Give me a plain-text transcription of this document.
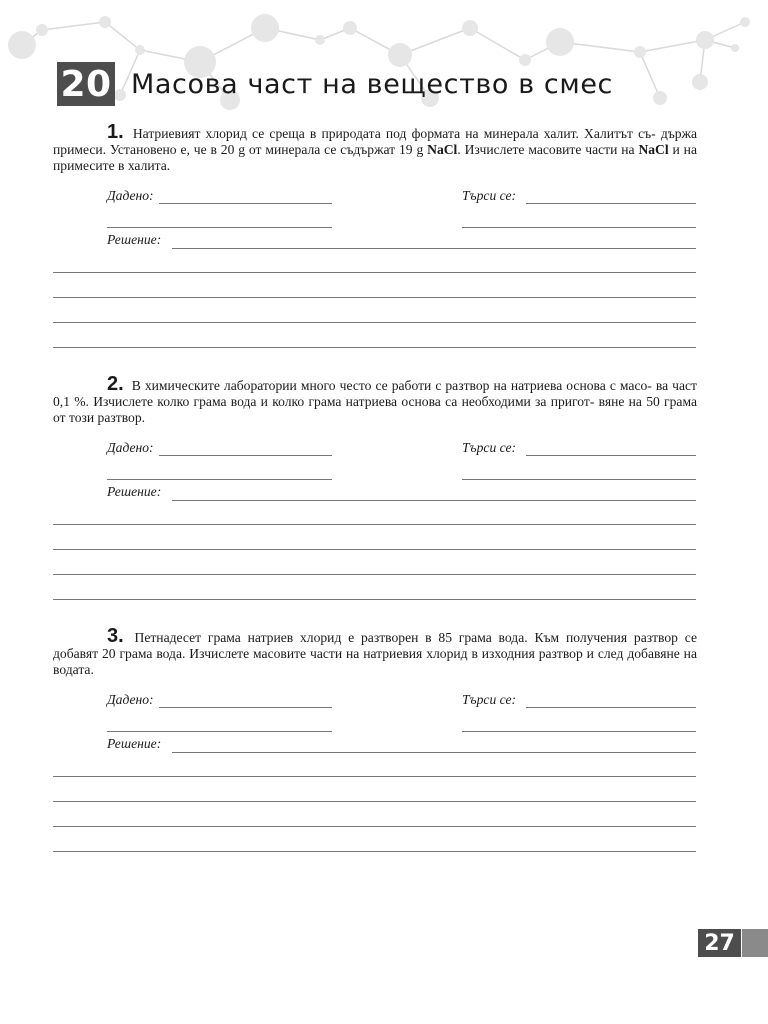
20 Масова част на вещество в смес

1. Натриевият хлорид се среща в природата под формата на минерала халит. Халитът съ- държа примеси. Установено е, че в 20 g от минерала се съдържат 19 g NaCl. Изчислете масовите части на NaCl и на примесите в халита.

Дадено:	Търси се:
Решение:

2. В химическите лаборатории много често се работи с разтвор на натриева основа с масо- ва част 0,1 %. Изчислете колко грама вода и колко грама натриева основа са необходими за пригот- вяне на 50 грама от този разтвор.

Дадено:	Търси се:
Решение:

3. Петнадесет грама натриев хлорид е разтворен в 85 грама вода. Към получения разтвор се добавят 20 грама вода. Изчислете масовите части на натриевия хлорид в изходния разтвор и след добавяне на водата.

Дадено:	Търси се:
Решение:
27
